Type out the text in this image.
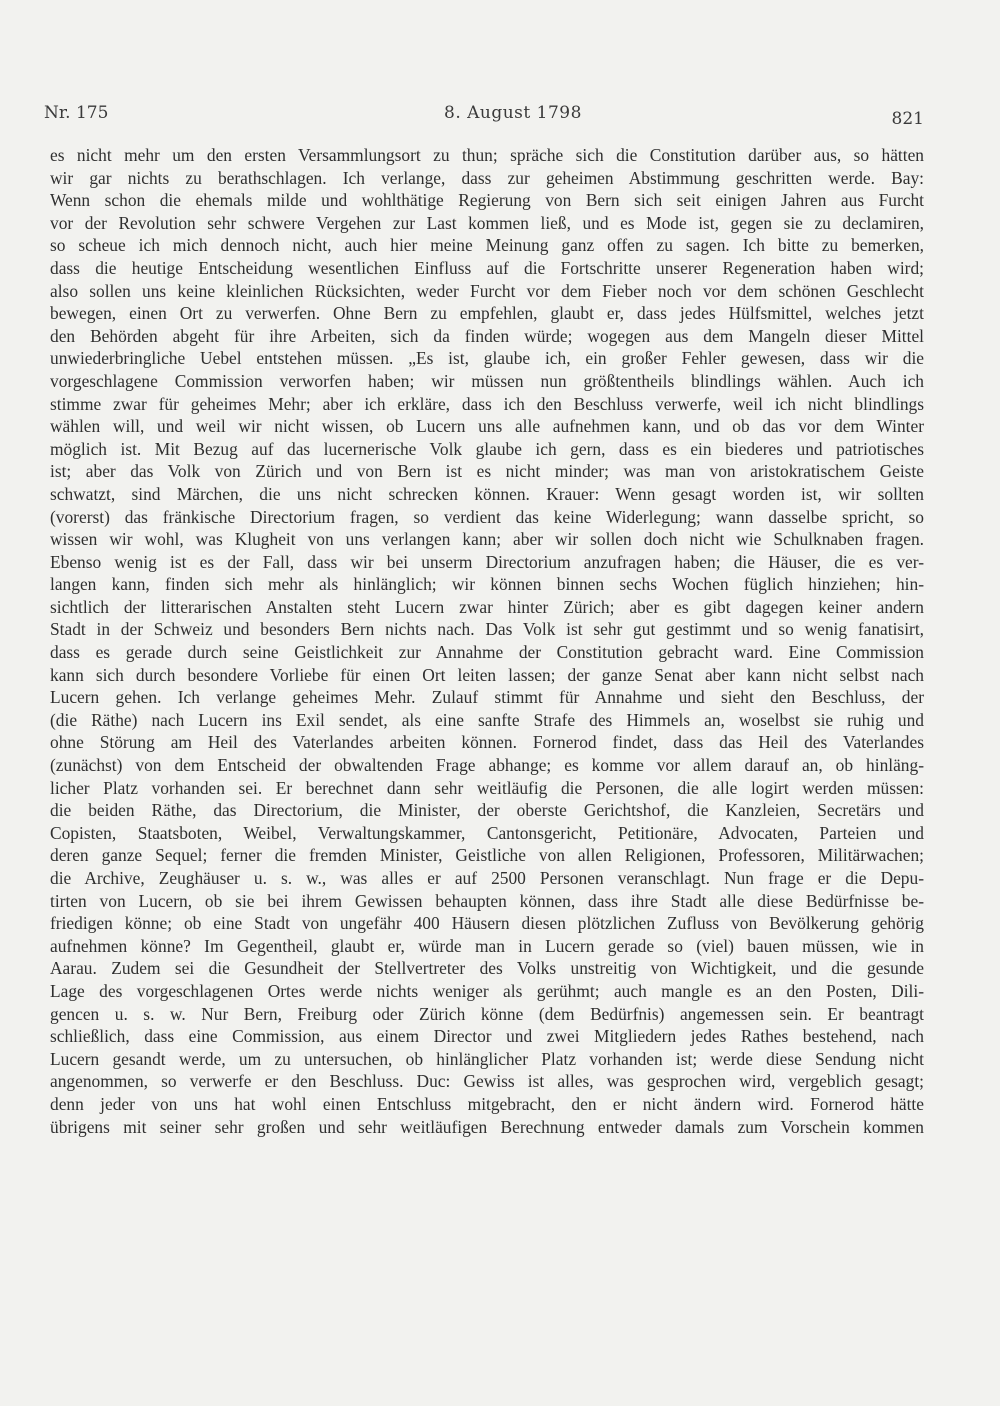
Nr. 175	8. August 1798	821
es nicht mehr um den ersten Versammlungsort zu thun; spräche sich die Constitution darüber aus, so hätten
wir gar nichts zu berathschlagen. Ich verlange, dass zur geheimen Abstimmung geschritten werde. Bay:
Wenn schon die ehemals milde und wohlthätige Regierung von Bern sich seit einigen Jahren aus Furcht
vor der Revolution sehr schwere Vergehen zur Last kommen ließ, und es Mode ist, gegen sie zu declamiren,
so scheue ich mich dennoch nicht, auch hier meine Meinung ganz offen zu sagen. Ich bitte zu bemerken,
dass die heutige Entscheidung wesentlichen Einfluss auf die Fortschritte unserer Regeneration haben wird;
also sollen uns keine kleinlichen Rücksichten, weder Furcht vor dem Fieber noch vor dem schönen Geschlecht
bewegen, einen Ort zu verwerfen. Ohne Bern zu empfehlen, glaubt er, dass jedes Hülfsmittel, welches jetzt
den Behörden abgeht für ihre Arbeiten, sich da finden würde; wogegen aus dem Mangeln dieser Mittel
unwiederbringliche Uebel entstehen müssen. „Es ist, glaube ich, ein großer Fehler gewesen, dass wir die
vorgeschlagene Commission verworfen haben; wir müssen nun größtentheils blindlings wählen. Auch ich
stimme zwar für geheimes Mehr; aber ich erkläre, dass ich den Beschluss verwerfe, weil ich nicht blindlings
wählen will, und weil wir nicht wissen, ob Lucern uns alle aufnehmen kann, und ob das vor dem Winter
möglich ist. Mit Bezug auf das lucernerische Volk glaube ich gern, dass es ein biederes und patriotisches
ist; aber das Volk von Zürich und von Bern ist es nicht minder; was man von aristokratischem Geiste
schwatzt, sind Märchen, die uns nicht schrecken können. Krauer: Wenn gesagt worden ist, wir sollten
(vorerst) das fränkische Directorium fragen, so verdient das keine Widerlegung; wann dasselbe spricht, so
wissen wir wohl, was Klugheit von uns verlangen kann; aber wir sollen doch nicht wie Schulknaben fragen.
Ebenso wenig ist es der Fall, dass wir bei unserm Directorium anzufragen haben; die Häuser, die es ver-
langen kann, finden sich mehr als hinlänglich; wir können binnen sechs Wochen füglich hinziehen; hin-
sichtlich der litterarischen Anstalten steht Lucern zwar hinter Zürich; aber es gibt dagegen keiner andern
Stadt in der Schweiz und besonders Bern nichts nach. Das Volk ist sehr gut gestimmt und so wenig fanatisirt,
dass es gerade durch seine Geistlichkeit zur Annahme der Constitution gebracht ward. Eine Commission
kann sich durch besondere Vorliebe für einen Ort leiten lassen; der ganze Senat aber kann nicht selbst nach
Lucern gehen. Ich verlange geheimes Mehr. Zulauf stimmt für Annahme und sieht den Beschluss, der
(die Räthe) nach Lucern ins Exil sendet, als eine sanfte Strafe des Himmels an, woselbst sie ruhig und
ohne Störung am Heil des Vaterlandes arbeiten können. Fornerod findet, dass das Heil des Vaterlandes
(zunächst) von dem Entscheid der obwaltenden Frage abhange; es komme vor allem darauf an, ob hinläng-
licher Platz vorhanden sei. Er berechnet dann sehr weitläufig die Personen, die alle logirt werden müssen:
die beiden Räthe, das Directorium, die Minister, der oberste Gerichtshof, die Kanzleien, Secretärs und
Copisten, Staatsboten, Weibel, Verwaltungskammer, Cantonsgericht, Petitionäre, Advocaten, Parteien und
deren ganze Sequel; ferner die fremden Minister, Geistliche von allen Religionen, Professoren, Militärwachen;
die Archive, Zeughäuser u. s. w., was alles er auf 2500 Personen veranschlagt. Nun frage er die Depu-
tirten von Lucern, ob sie bei ihrem Gewissen behaupten können, dass ihre Stadt alle diese Bedürfnisse be-
friedigen könne; ob eine Stadt von ungefähr 400 Häusern diesen plötzlichen Zufluss von Bevölkerung gehörig
aufnehmen könne? Im Gegentheil, glaubt er, würde man in Lucern gerade so (viel) bauen müssen, wie in
Aarau. Zudem sei die Gesundheit der Stellvertreter des Volks unstreitig von Wichtigkeit, und die gesunde
Lage des vorgeschlagenen Ortes werde nichts weniger als gerühmt; auch mangle es an den Posten, Dili-
gencen u. s. w. Nur Bern, Freiburg oder Zürich könne (dem Bedürfnis) angemessen sein. Er beantragt
schließlich, dass eine Commission, aus einem Director und zwei Mitgliedern jedes Rathes bestehend, nach
Lucern gesandt werde, um zu untersuchen, ob hinlänglicher Platz vorhanden ist; werde diese Sendung nicht
angenommen, so verwerfe er den Beschluss. Duc: Gewiss ist alles, was gesprochen wird, vergeblich gesagt;
denn jeder von uns hat wohl einen Entschluss mitgebracht, den er nicht ändern wird. Fornerod hätte
übrigens mit seiner sehr großen und sehr weitläufigen Berechnung entweder damals zum Vorschein kommen
